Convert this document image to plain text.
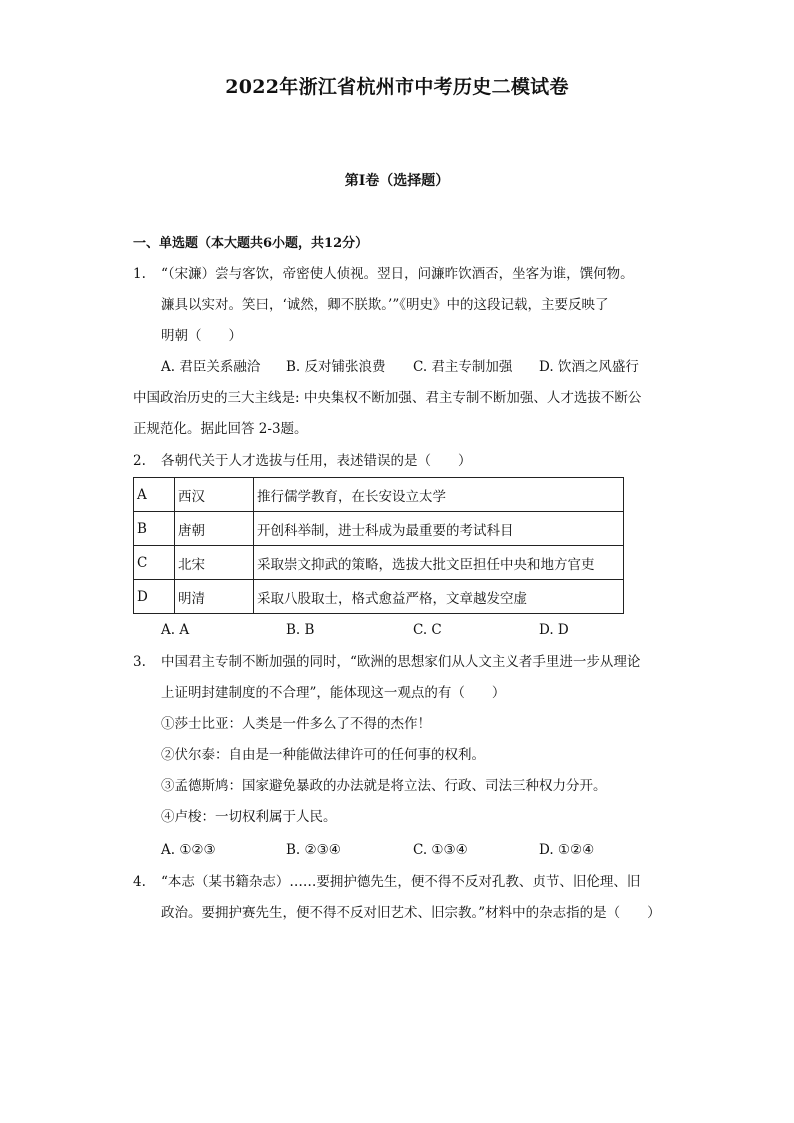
2022年浙江省杭州市中考历史二模试卷
第I卷（选择题）
一、单选题（本大题共6小题，共12分）
1. “（宋濂）尝与客饮，帝密使人侦视。翌日，问濂昨饮酒否，坐客为谁，馔何物。
濂具以实对。笑曰，‘诚然，卿不朕欺。’”《明史》中的这段记载，主要反映了
明朝（　　）
A. 君臣关系融洽 B. 反对铺张浪费 C. 君主专制加强 D. 饮酒之风盛行
中国政治历史的三大主线是: 中央集权不断加强、君主专制不断加强、人才选拔不断公
正规范化。据此回答 2-3题。
2. 各朝代关于人才选拔与任用，表述错误的是（　　）
A	西汉	推行儒学教育，在长安设立太学
B	唐朝	开创科举制，进士科成为最重要的考试科目
C	北宋	采取崇文抑武的策略，选拔大批文臣担任中央和地方官吏
D	明清	采取八股取士，格式愈益严格，文章越发空虚
A. A	B. B	C. C	D. D
3. 中国君主专制不断加强的同时，“欧洲的思想家们从人文主义者手里进一步从理论
上证明封建制度的不合理”，能体现这一观点的有（　　）
①莎士比亚：人类是一件多么了不得的杰作！
②伏尔泰：自由是一种能做法律许可的任何事的权利。
③孟德斯鸠：国家避免暴政的办法就是将立法、行政、司法三种权力分开。
④卢梭：一切权利属于人民。
A. ①②③	B. ②③④	C. ①③④	D. ①②④
4. “本志（某书籍杂志）……要拥护德先生，便不得不反对孔教、贞节、旧伦理、旧
政治。要拥护赛先生，便不得不反对旧艺术、旧宗教。”材料中的杂志指的是（　　）
